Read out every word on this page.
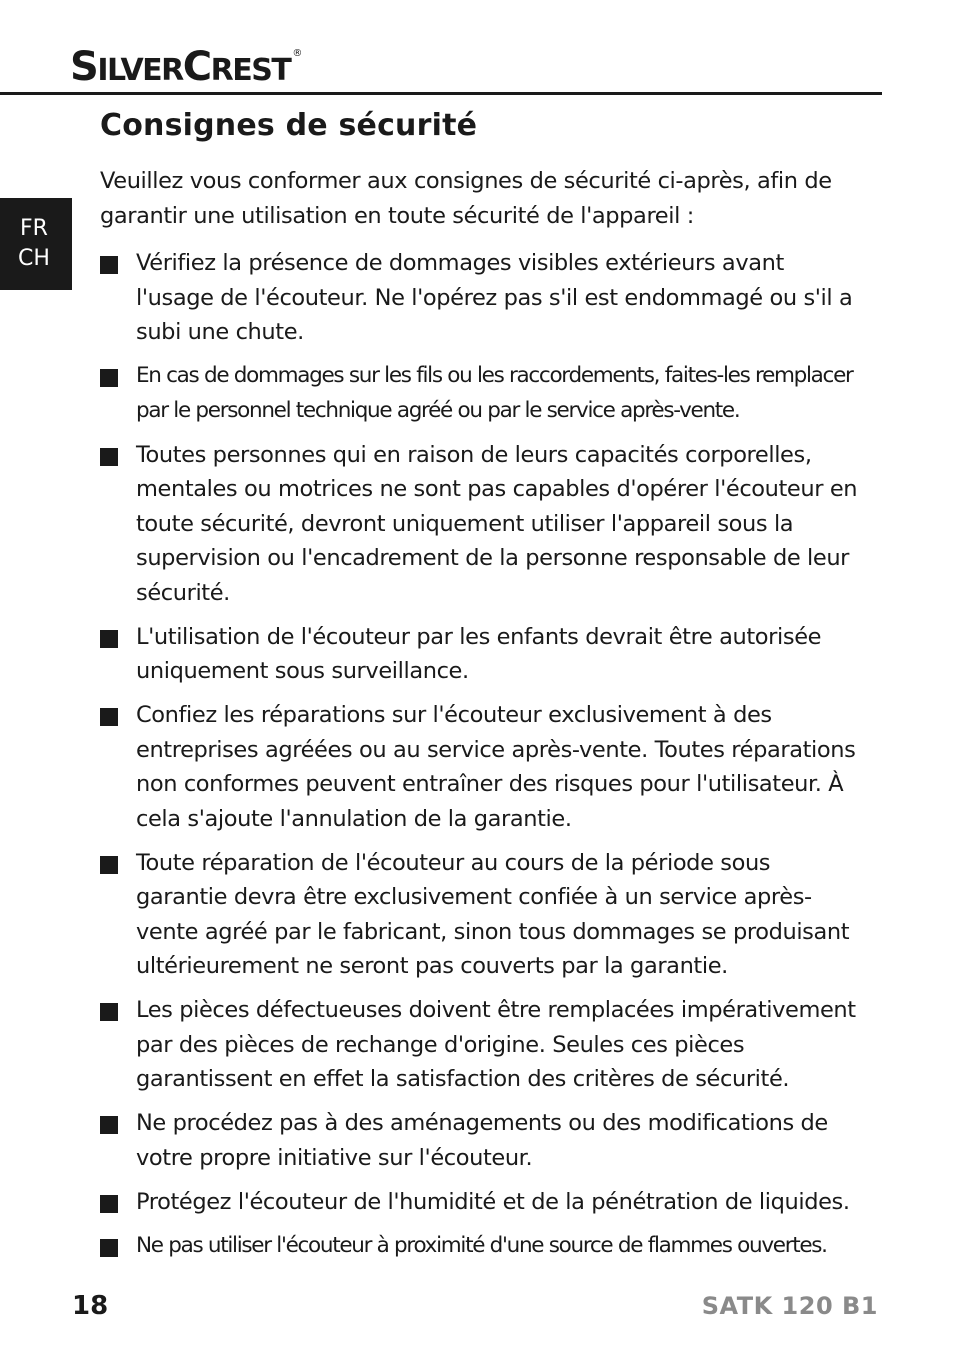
SILVERCREST ®
FR
CH
Consignes de sécurité

Veuillez vous conformer aux consignes de sécurité ci-après, afin de garantir une utilisation en toute sécurité de l'appareil :

Vérifiez la présence de dommages visibles extérieurs avant l'usage de l'écouteur. Ne l'opérez pas s'il est endommagé ou s'il a subi une chute.
En cas de dommages sur les fils ou les raccordements, faites-les remplacer par le personnel technique agréé ou par le service après-vente.
Toutes personnes qui en raison de leurs capacités corporelles, mentales ou motrices ne sont pas capables d'opérer l'écouteur en toute sécurité, devront uniquement utiliser l'appareil sous la supervision ou l'encadrement de la personne responsable de leur sécurité.
L'utilisation de l'écouteur par les enfants devrait être autorisée uniquement sous surveillance.
Confiez les réparations sur l'écouteur exclusivement à des entreprises agréées ou au service après-vente. Toutes réparations non conformes peuvent entraîner des risques pour l'utilisateur. À cela s'ajoute l'annulation de la garantie.
Toute réparation de l'écouteur au cours de la période sous garantie devra être exclusivement confiée à un service après-vente agréé par le fabricant, sinon tous dommages se produisant ultérieurement ne seront pas couverts par la garantie.
Les pièces défectueuses doivent être remplacées impérativement par des pièces de rechange d'origine. Seules ces pièces garantissent en effet la satisfaction des critères de sécurité.
Ne procédez pas à des aménagements ou des modifications de votre propre initiative sur l'écouteur.
Protégez l'écouteur de l'humidité et de la pénétration de liquides.
Ne pas utiliser l'écouteur à proximité d'une source de flammes ouvertes.
18	SATK 120 B1
